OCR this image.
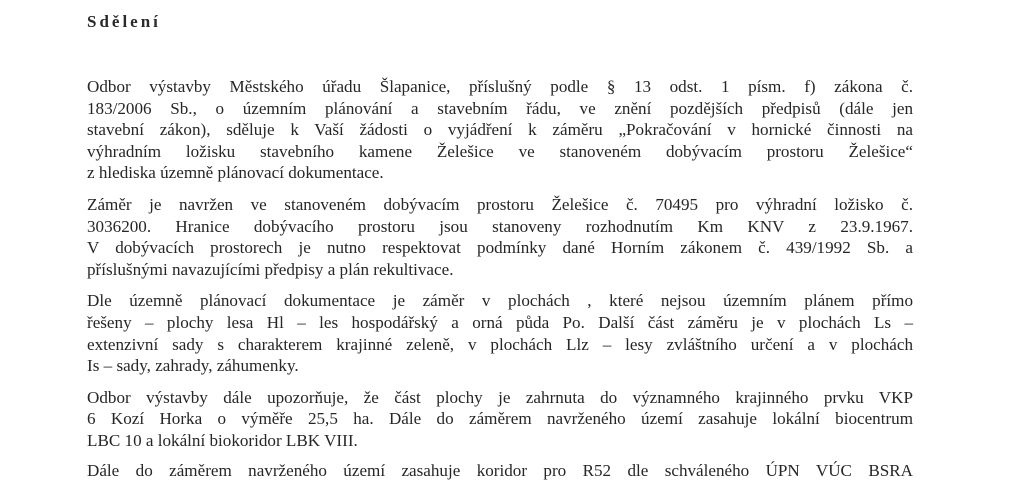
Sdělení

Odbor výstavby Městského úřadu Šlapanice, příslušný podle § 13 odst. 1 písm. f) zákona č.
183/2006 Sb., o územním plánování a stavebním řádu, ve znění pozdějších předpisů (dále jen
stavební zákon), sděluje k Vaší žádosti o vyjádření k záměru „Pokračování v hornické činnosti na
výhradním ložisku stavebního kamene Želešice ve stanoveném dobývacím prostoru Želešice“
z hlediska územně plánovací dokumentace.

Záměr je navržen ve stanoveném dobývacím prostoru Želešice č. 70495 pro výhradní ložisko č.
3036200. Hranice dobývacího prostoru jsou stanoveny rozhodnutím Km KNV z 23.9.1967.
V dobývacích prostorech je nutno respektovat podmínky dané Horním zákonem č. 439/1992 Sb. a
příslušnými navazujícími předpisy a plán rekultivace.

Dle územně plánovací dokumentace je záměr v plochách , které nejsou územním plánem přímo
řešeny – plochy lesa Hl – les hospodářský a orná půda Po. Další část záměru je v plochách Ls –
extenzivní sady s charakterem krajinné zeleně, v plochách Llz – lesy zvláštního určení a v plochách
Is – sady, zahrady, záhumenky.

Odbor výstavby dále upozorňuje, že část plochy je zahrnuta do významného krajinného prvku VKP
6 Kozí Horka o výměře 25,5 ha. Dále do záměrem navrženého území zasahuje lokální biocentrum
LBC 10 a lokální biokoridor LBK VIII.

Dále do záměrem navrženého území zasahuje koridor pro R52 dle schváleného ÚPN VÚC BSRA
